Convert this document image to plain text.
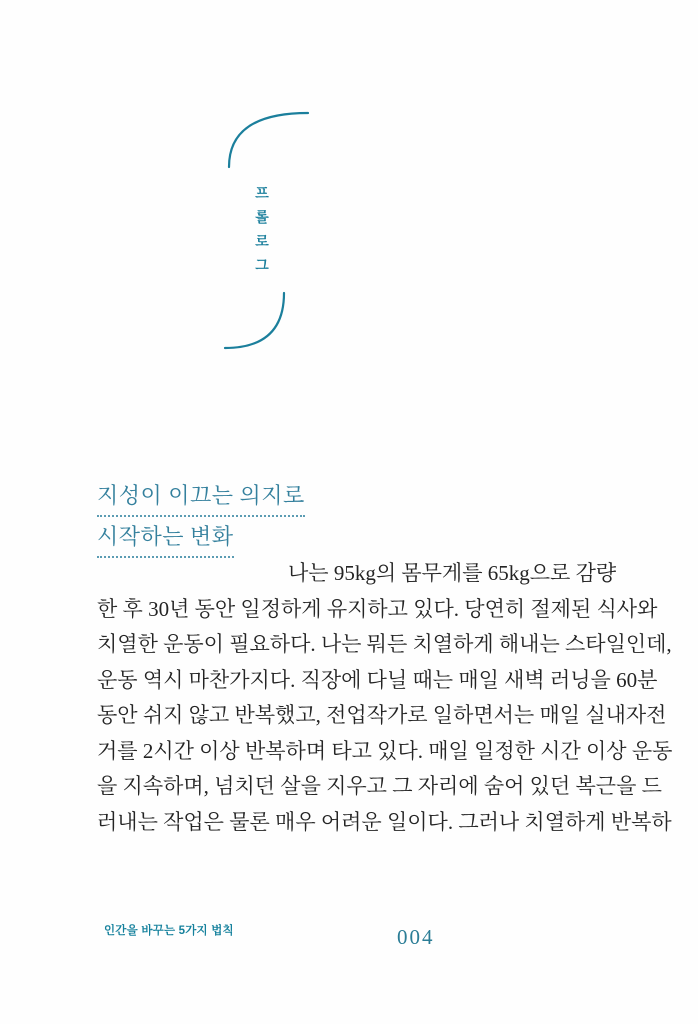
프롤로그
지성이 이끄는 의지로
시작하는 변화
나는 95kg의 몸무게를 65kg으로 감량
한 후 30년 동안 일정하게 유지하고 있다. 당연히 절제된 식사와
치열한 운동이 필요하다. 나는 뭐든 치열하게 해내는 스타일인데,
운동 역시 마찬가지다. 직장에 다닐 때는 매일 새벽 러닝을 60분
동안 쉬지 않고 반복했고, 전업작가로 일하면서는 매일 실내자전
거를 2시간 이상 반복하며 타고 있다. 매일 일정한 시간 이상 운동
을 지속하며, 넘치던 살을 지우고 그 자리에 숨어 있던 복근을 드
러내는 작업은 물론 매우 어려운 일이다. 그러나 치열하게 반복하
인간을 바꾸는 5가지 법칙	004
